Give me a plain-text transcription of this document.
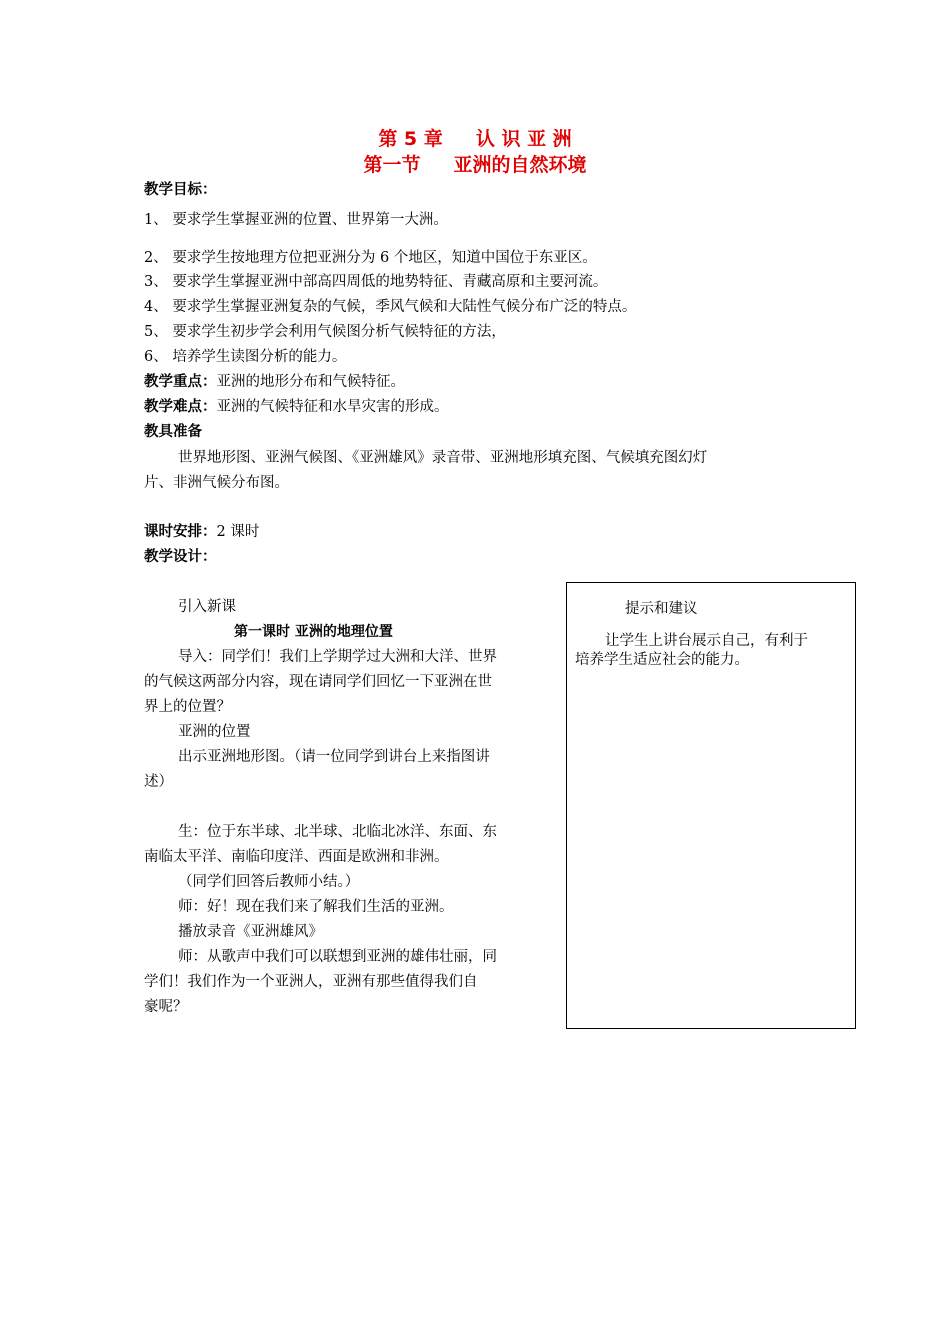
第 5 章     认 识 亚 洲
第一节     亚洲的自然环境
教学目标：
1、 要求学生掌握亚洲的位置、世界第一大洲。
2、 要求学生按地理方位把亚洲分为 6 个地区，知道中国位于东亚区。
3、 要求学生掌握亚洲中部高四周低的地势特征、青藏高原和主要河流。
4、 要求学生掌握亚洲复杂的气候，季风气候和大陆性气候分布广泛的特点。
5、 要求学生初步学会利用气候图分析气候特征的方法，
6、 培养学生读图分析的能力。
教学重点：亚洲的地形分布和气候特征。
教学难点：亚洲的气候特征和水旱灾害的形成。
教具准备
世界地形图、亚洲气候图、《亚洲雄风》录音带、亚洲地形填充图、气候填充图幻灯
片、非洲气候分布图。
课时安排：2 课时
教学设计：

引入新课

第一课时 亚洲的地理位置

导入：同学们！我们上学期学过大洲和大洋、世界

的气候这两部分内容，现在请同学们回忆一下亚洲在世

界上的位置？

亚洲的位置

出示亚洲地形图。（请一位同学到讲台上来指图讲

述）

生：位于东半球、北半球、北临北冰洋、东面、东

南临太平洋、南临印度洋、西面是欧洲和非洲。

（同学们回答后教师小结。）

师：好！现在我们来了解我们生活的亚洲。

播放录音《亚洲雄风》

师：从歌声中我们可以联想到亚洲的雄伟壮丽，同

学们！我们作为一个亚洲人，亚洲有那些值得我们自

豪呢？

提示和建议
让学生上讲台展示自己，有利于
培养学生适应社会的能力。
